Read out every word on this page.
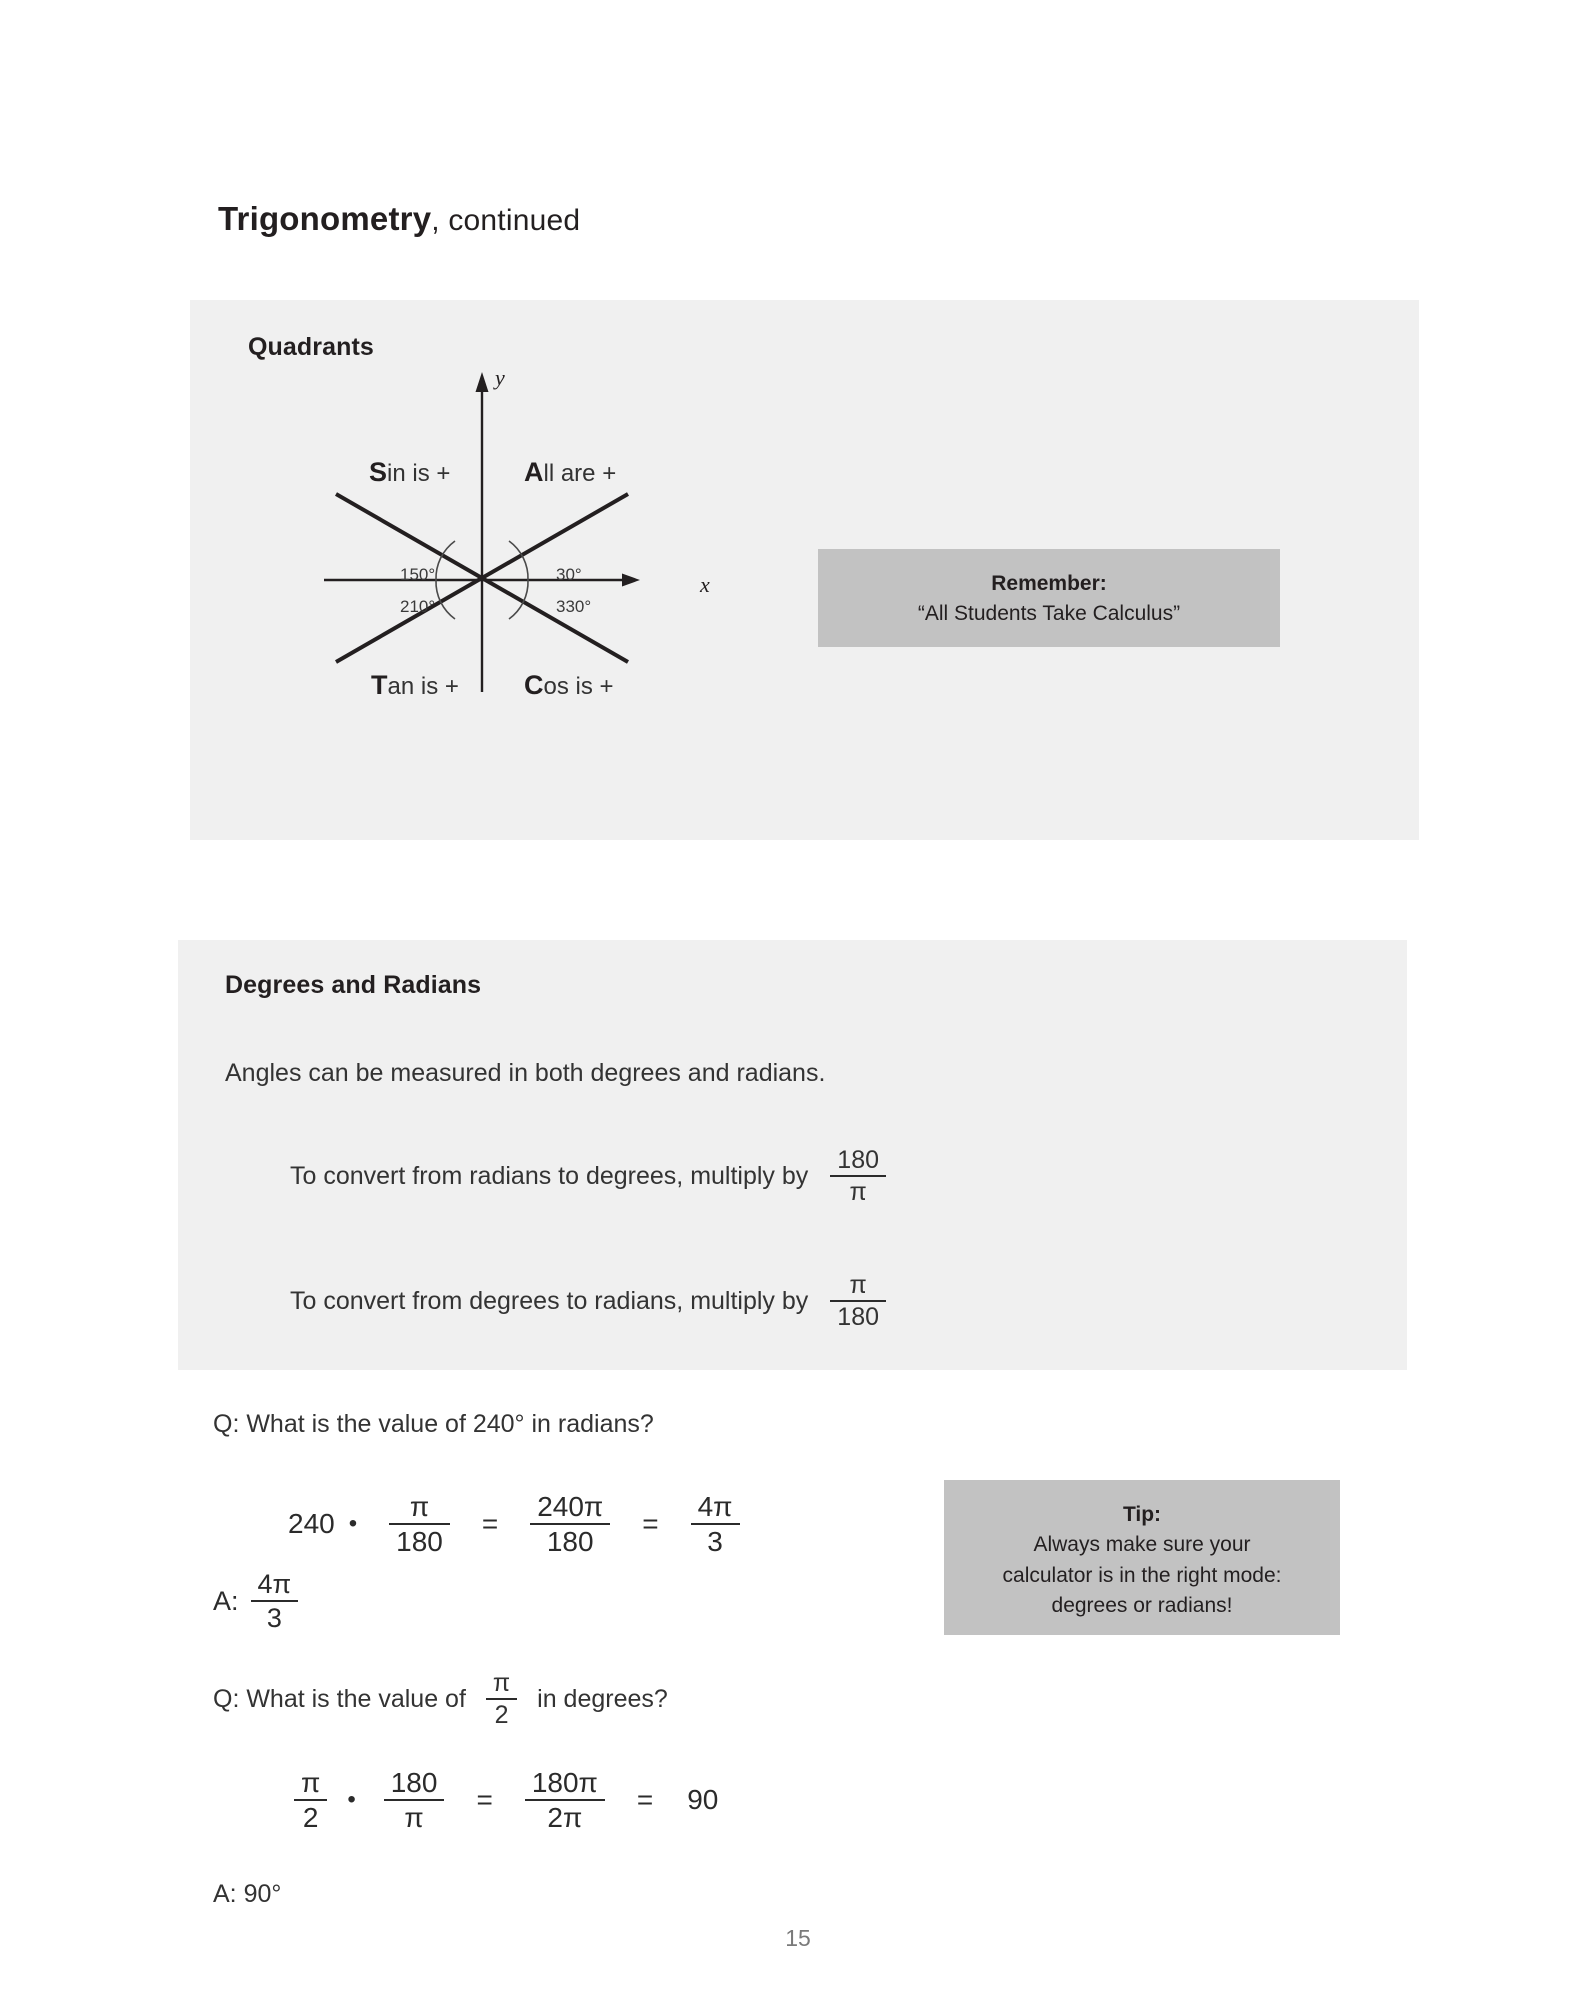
Trigonometry, continued
Quadrants
y
x
All are +
Sin is +
Tan is + Cos is +
30°
330°
150°
210°
Remember:
“All Students Take Calculus”
Degrees and Radians
Angles can be measured in both degrees and radians.
To convert from radians to degrees, multiply by $\frac{180}{\pi}$
To convert from degrees to radians, multiply by $\frac{\pi}{180}$
Q: What is the value of 240° in radians?
240 • $\frac{\pi}{180} = \frac{240\pi}{180} = \frac{4\pi}{3}$
A: $\frac{4\pi}{3}$
Tip:
Always make sure your
calculator is in the right mode:
degrees or radians!
Q: What is the value of $\frac{\pi}{2}$ in degrees?
$\frac{\pi}{2}$ • $\frac{180}{\pi} = \frac{180\pi}{2\pi} = 90$
A: 90°
15
